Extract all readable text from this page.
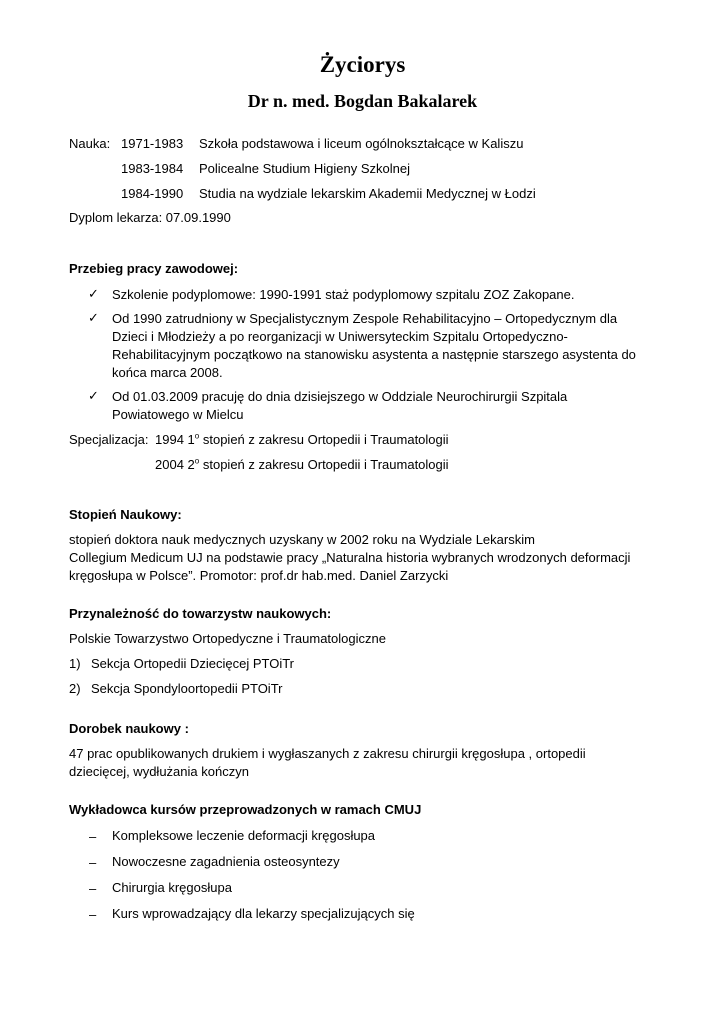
Życiorys
Dr n. med. Bogdan Bakalarek
Nauka: 1971-1983 Szkoła podstawowa i liceum ogólnokształcące w Kaliszu
1983-1984 Policealne Studium Higieny Szkolnej
1984-1990 Studia na wydziale lekarskim Akademii Medycznej w Łodzi
Dyplom lekarza: 07.09.1990
Przebieg pracy zawodowej:
✓ Szkolenie podyplomowe: 1990-1991 staż podyplomowy szpitalu ZOZ Zakopane.
✓ Od 1990 zatrudniony w Specjalistycznym Zespole Rehabilitacyjno – Ortopedycznym dla
Dzieci i Młodzieży a po reorganizacji w Uniwersyteckim Szpitalu Ortopedyczno-
Rehabilitacyjnym początkowo na stanowisku asystenta a następnie starszego asystenta do
końca marca 2008.
✓ Od 01.03.2009 pracuję do dnia dzisiejszego w Oddziale Neurochirurgii Szpitala
Powiatowego w Mielcu
Specjalizacja: 1994 1$^o$ stopień z zakresu Ortopedii i Traumatologii
2004 2$^o$ stopień z zakresu Ortopedii i Traumatologii
Stopień Naukowy:
stopień doktora nauk medycznych uzyskany w 2002 roku na Wydziale Lekarskim
Collegium Medicum UJ na podstawie pracy „Naturalna historia wybranych wrodzonych deformacji
kręgosłupa w Polsce”. Promotor: prof.dr hab.med. Daniel Zarzycki
Przynależność do towarzystw naukowych:
Polskie Towarzystwo Ortopedyczne i Traumatologiczne
1) Sekcja Ortopedii Dziecięcej PTOiTr
2) Sekcja Spondyloortopedii PTOiTr
Dorobek naukowy :
47 prac opublikowanych drukiem i wygłaszanych z zakresu chirurgii kręgosłupa , ortopedii
dziecięcej, wydłużania kończyn
Wykładowca kursów przeprowadzonych w ramach CMUJ
– Kompleksowe leczenie deformacji kręgosłupa
– Nowoczesne zagadnienia osteosyntezy
– Chirurgia kręgosłupa
– Kurs wprowadzający dla lekarzy specjalizujących się
